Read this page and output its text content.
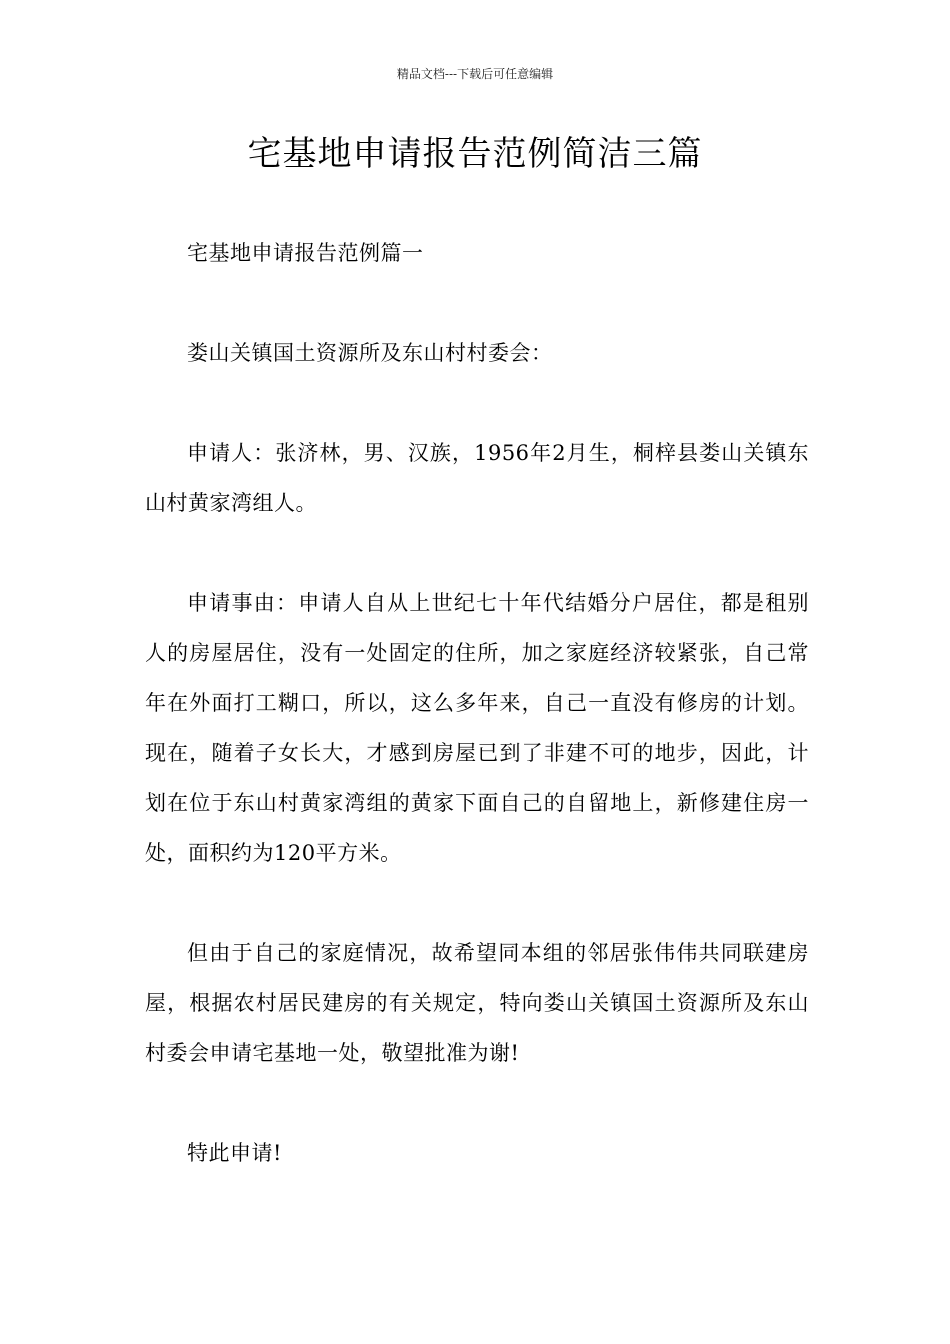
精品文档---下载后可任意编辑
宅基地申请报告范例简洁三篇

宅基地申请报告范例篇一

娄山关镇国土资源所及东山村村委会：

申请人：张济林，男、汉族，1956年2月生，桐梓县娄山关镇东山村黄家湾组人。

申请事由：申请人自从上世纪七十年代结婚分户居住，都是租别人的房屋居住，没有一处固定的住所，加之家庭经济较紧张，自己常年在外面打工糊口，所以，这么多年来，自己一直没有修房的计划。现在，随着子女长大，才感到房屋已到了非建不可的地步，因此，计划在位于东山村黄家湾组的黄家下面自己的自留地上，新修建住房一处，面积约为120平方米。

但由于自己的家庭情况，故希望同本组的邻居张伟伟共同联建房屋，根据农村居民建房的有关规定，特向娄山关镇国土资源所及东山村委会申请宅基地一处，敬望批准为谢!

特此申请!
